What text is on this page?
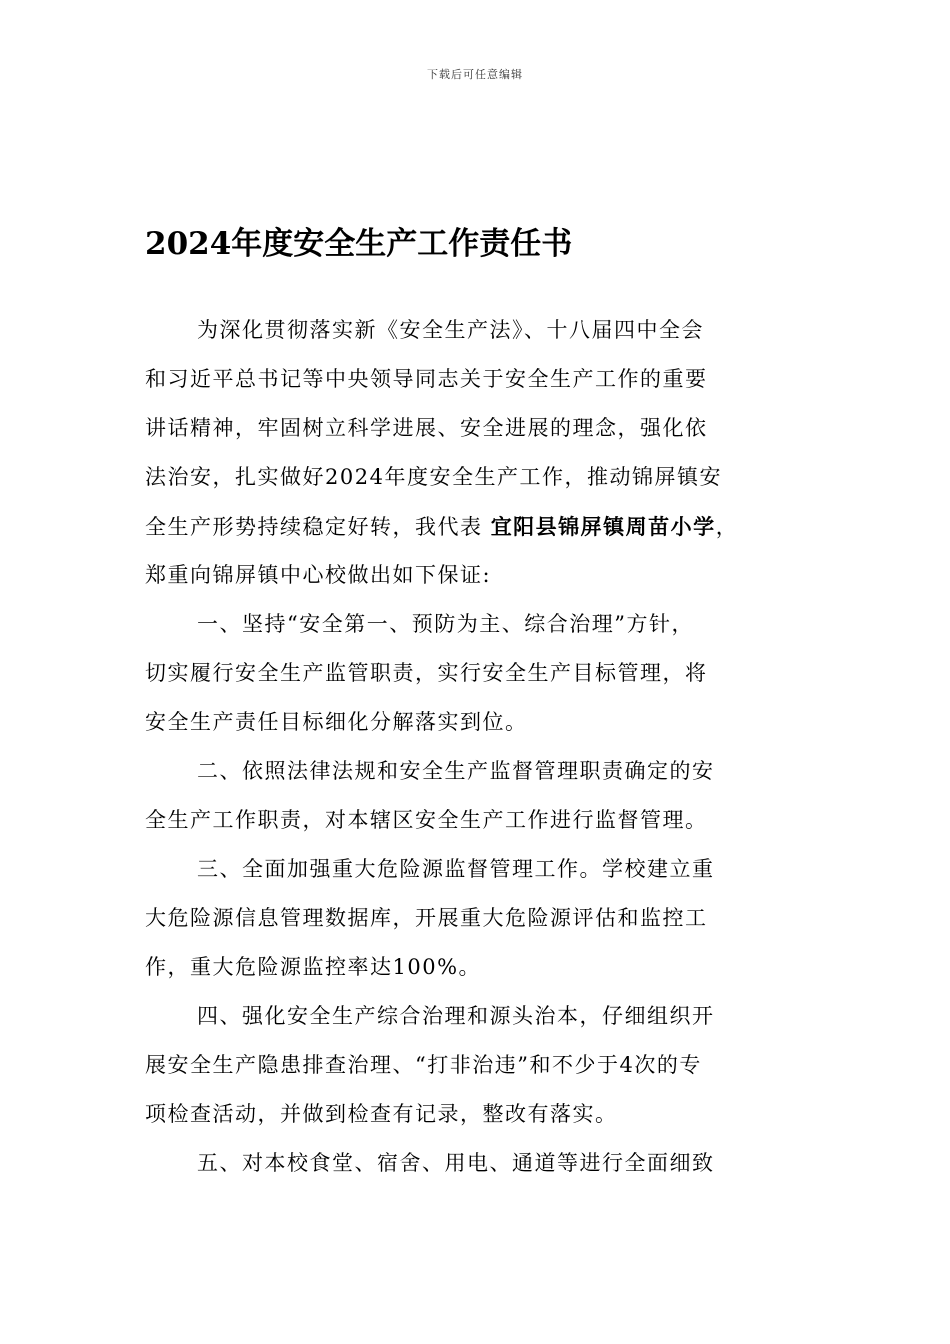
下载后可任意编辑
2024年度安全生产工作责任书
为深化贯彻落实新《安全生产法》、十八届四中全会
和习近平总书记等中央领导同志关于安全生产工作的重要
讲话精神，牢固树立科学进展、安全进展的理念，强化依
法治安，扎实做好2024年度安全生产工作，推动锦屏镇安
全生产形势持续稳定好转，我代表 宜阳县锦屏镇周苗小学，
郑重向锦屏镇中心校做出如下保证:
一、坚持“安全第一、预防为主、综合治理”方针，
切实履行安全生产监管职责，实行安全生产目标管理，将
安全生产责任目标细化分解落实到位。
二、依照法律法规和安全生产监督管理职责确定的安
全生产工作职责，对本辖区安全生产工作进行监督管理。
三、全面加强重大危险源监督管理工作。学校建立重
大危险源信息管理数据库，开展重大危险源评估和监控工
作，重大危险源监控率达100%。
四、强化安全生产综合治理和源头治本，仔细组织开
展安全生产隐患排查治理、“打非治违”和不少于4次的专
项检查活动，并做到检查有记录，整改有落实。
五、对本校食堂、宿舍、用电、通道等进行全面细致
